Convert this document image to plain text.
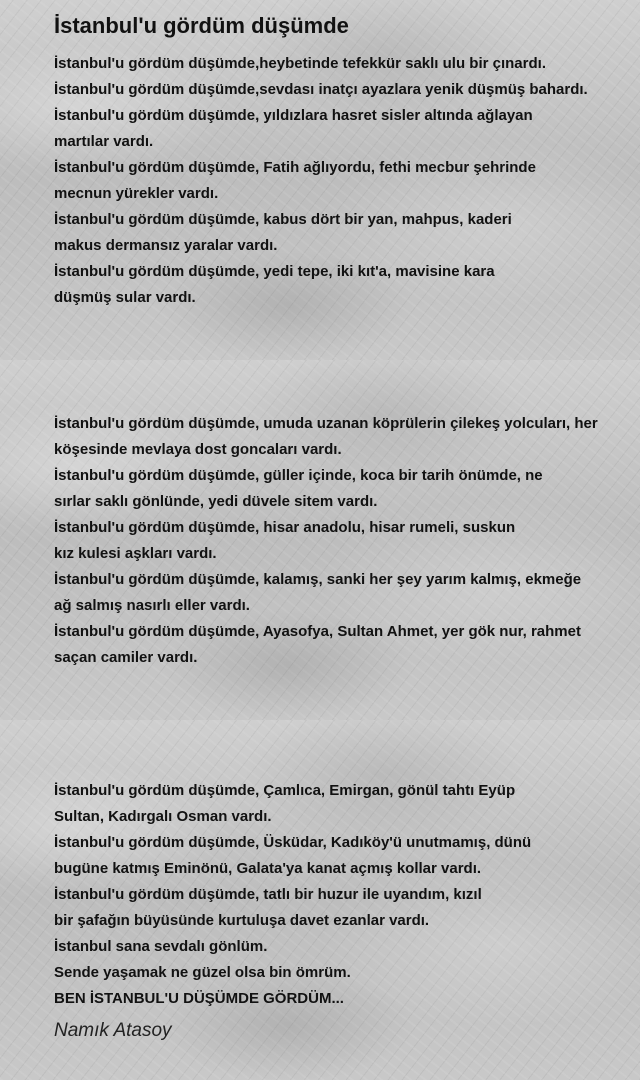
İstanbul'u gördüm düşümde
İstanbul'u gördüm düşümde,heybetinde tefekkür saklı ulu bir çınardı.
İstanbul'u gördüm düşümde,sevdası inatçı ayazlara yenik düşmüş bahardı.
İstanbul'u gördüm düşümde, yıldızlara hasret sisler altında ağlayan
martılar vardı.
İstanbul'u gördüm düşümde, Fatih ağlıyordu, fethi mecbur şehrinde
mecnun yürekler vardı.
İstanbul'u gördüm düşümde, kabus dört bir yan, mahpus, kaderi
makus dermansız yaralar vardı.
İstanbul'u gördüm düşümde, yedi tepe, iki kıt'a, mavisine kara
düşmüş sular vardı.
İstanbul'u gördüm düşümde, umuda uzanan köprülerin çilekeş yolcuları, her
köşesinde mevlaya dost goncaları vardı.
İstanbul'u gördüm düşümde, güller içinde, koca bir tarih önümde, ne
sırlar saklı gönlünde, yedi düvele sitem vardı.
İstanbul'u gördüm düşümde, hisar anadolu, hisar rumeli, suskun
kız kulesi aşkları vardı.
İstanbul'u gördüm düşümde, kalamış, sanki her şey yarım kalmış, ekmeğe
ağ salmış nasırlı eller vardı.
İstanbul'u gördüm düşümde, Ayasofya, Sultan Ahmet, yer gök nur, rahmet
saçan camiler vardı.
İstanbul'u gördüm düşümde, Çamlıca, Emirgan, gönül tahtı Eyüp
Sultan, Kadırgalı Osman vardı.
İstanbul'u gördüm düşümde, Üsküdar, Kadıköy'ü unutmamış, dünü
bugüne katmış Eminönü, Galata'ya kanat açmış kollar vardı.
İstanbul'u gördüm düşümde, tatlı bir huzur ile uyandım, kızıl
bir şafağın büyüsünde kurtuluşa davet ezanlar vardı.
İstanbul sana sevdalı gönlüm.
Sende yaşamak ne güzel olsa bin ömrüm.
BEN İSTANBUL'U DÜŞÜMDE GÖRDÜM...

Namık Atasoy
